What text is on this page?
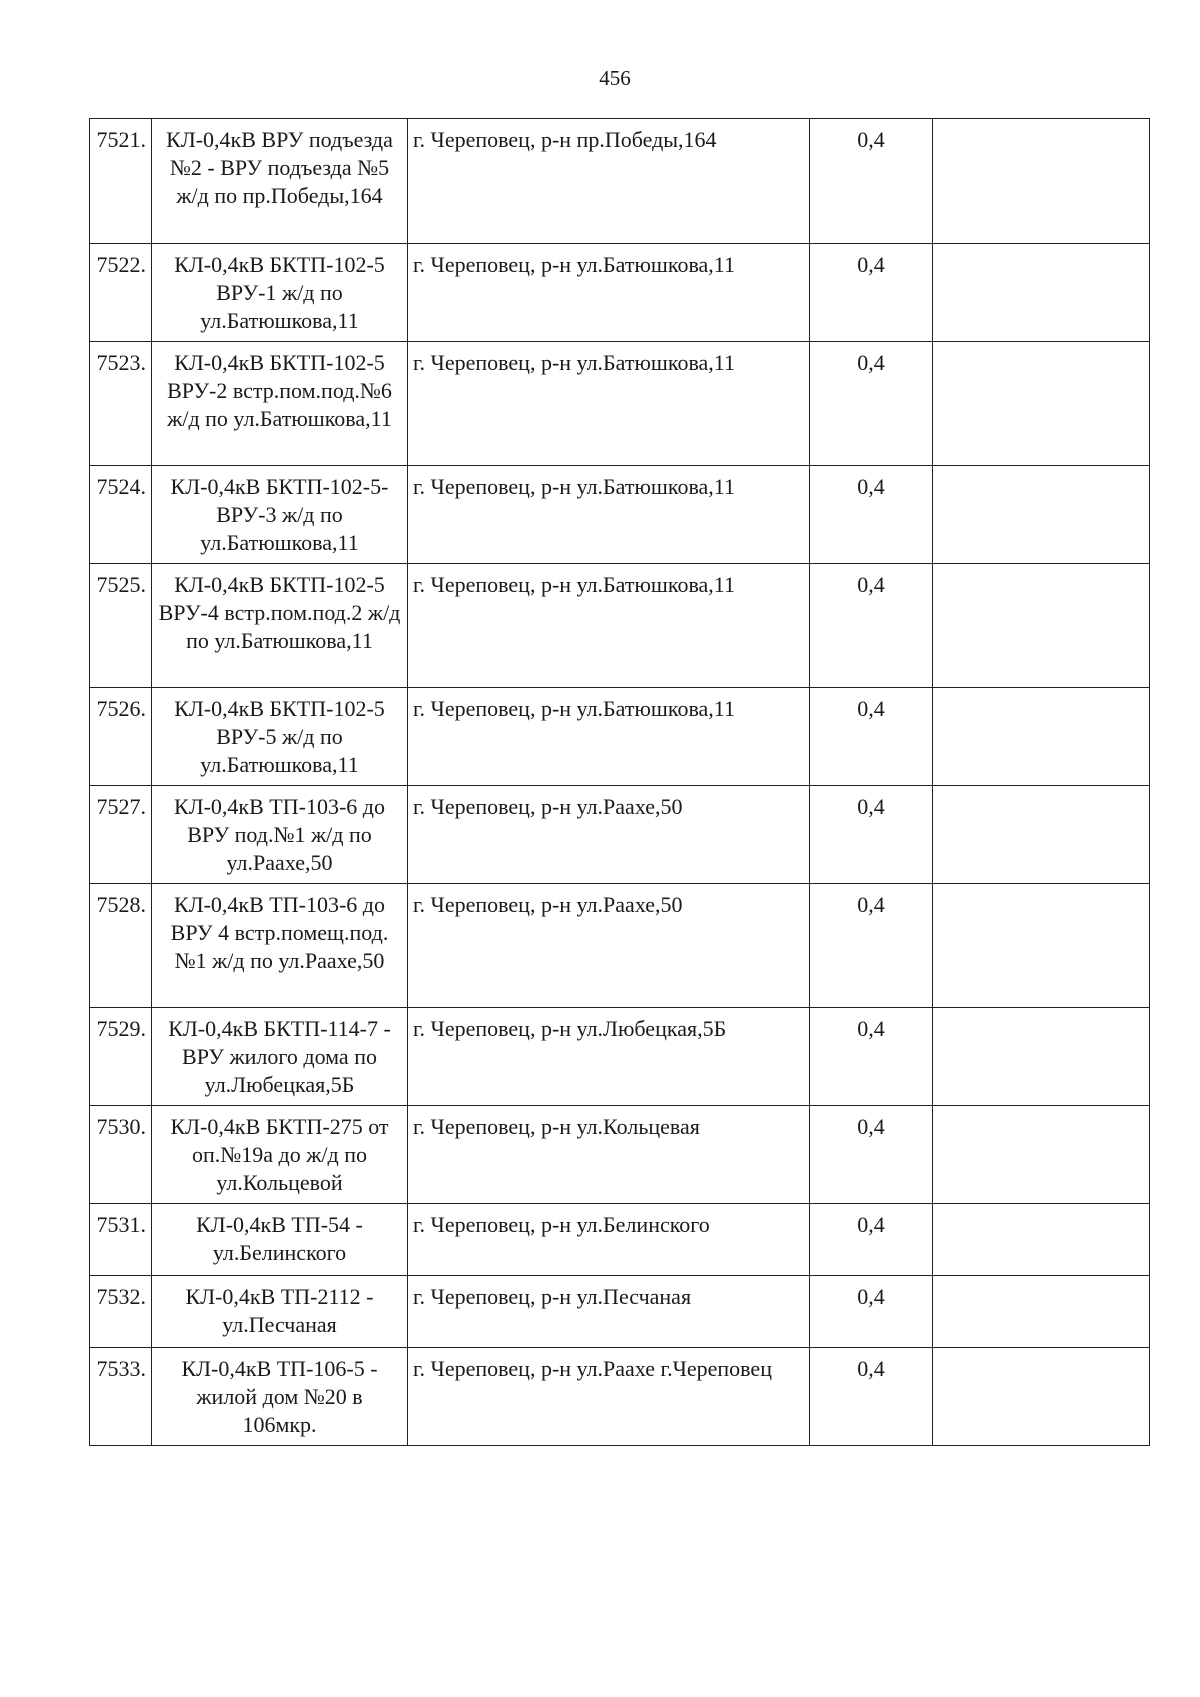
456
7521.	КЛ-0,4кВ ВРУ подъезда №2 - ВРУ подъезда №5 ж/д по пр.Победы,164	г. Череповец, р-н пр.Победы,164	0,4	
7522.	КЛ-0,4кВ БКТП-102-5 ВРУ-1 ж/д по ул.Батюшкова,11	г. Череповец, р-н ул.Батюшкова,11	0,4	
7523.	КЛ-0,4кВ БКТП-102-5 ВРУ-2 встр.пом.под.№6 ж/д по ул.Батюшкова,11	г. Череповец, р-н ул.Батюшкова,11	0,4	
7524.	КЛ-0,4кВ БКТП-102-5-ВРУ-3 ж/д по ул.Батюшкова,11	г. Череповец, р-н ул.Батюшкова,11	0,4	
7525.	КЛ-0,4кВ БКТП-102-5 ВРУ-4 встр.пом.под.2 ж/д по ул.Батюшкова,11	г. Череповец, р-н ул.Батюшкова,11	0,4	
7526.	КЛ-0,4кВ БКТП-102-5 ВРУ-5 ж/д по ул.Батюшкова,11	г. Череповец, р-н ул.Батюшкова,11	0,4	
7527.	КЛ-0,4кВ ТП-103-6 до ВРУ под.№1 ж/д по ул.Раахе,50	г. Череповец, р-н ул.Раахе,50	0,4	
7528.	КЛ-0,4кВ ТП-103-6 до ВРУ 4 встр.помещ.под.№1 ж/д по ул.Раахе,50	г. Череповец, р-н ул.Раахе,50	0,4	
7529.	КЛ-0,4кВ БКТП-114-7 - ВРУ жилого дома по ул.Любецкая,5Б	г. Череповец, р-н ул.Любецкая,5Б	0,4	
7530.	КЛ-0,4кВ БКТП-275 от оп.№19а до ж/д по ул.Кольцевой	г. Череповец, р-н ул.Кольцевая	0,4	
7531.	КЛ-0,4кВ ТП-54 - ул.Белинского	г. Череповец, р-н ул.Белинского	0,4	
7532.	КЛ-0,4кВ ТП-2112 - ул.Песчаная	г. Череповец, р-н ул.Песчаная	0,4	
7533.	КЛ-0,4кВ ТП-106-5 - жилой дом №20 в 106мкр.	г. Череповец, р-н ул.Раахе г.Череповец	0,4	
